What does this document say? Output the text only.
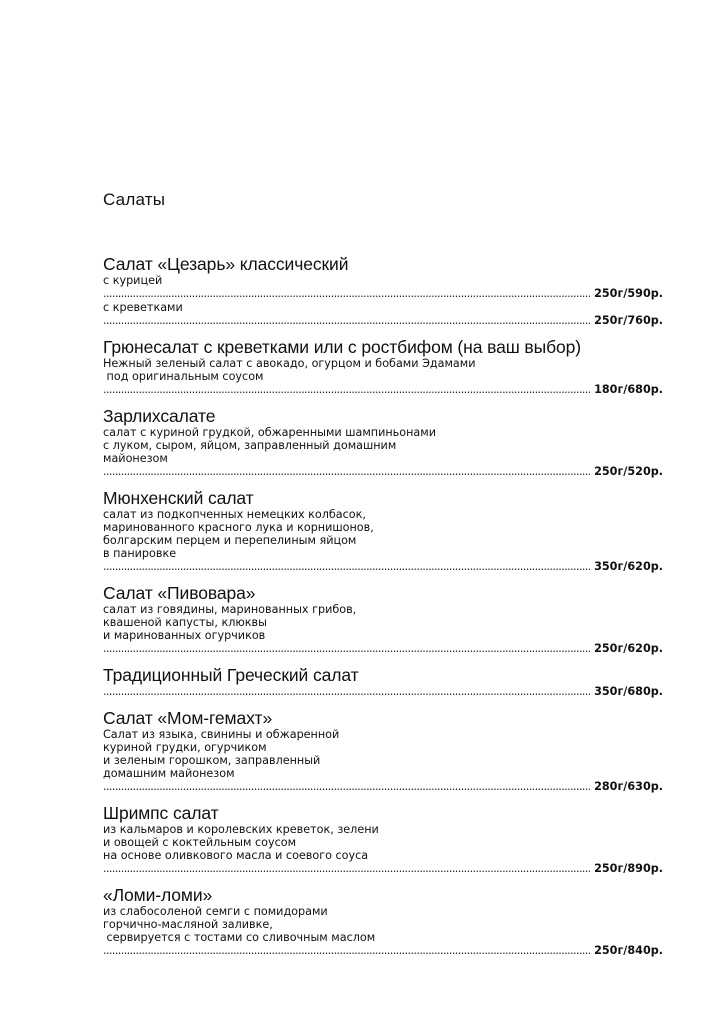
Салаты
Салат «Цезарь» классический
с курицей
.....
250г/590р.
с креветками
.....
250г/760р.
Грюнесалат с креветками или с ростбифом (на ваш выбор)
Нежный зеленый салат с авокадо, огурцом и бобами Эдамами
под оригинальным соусом
.....
180г/680р.
Зарлихсалате
салат с куриной грудкой, обжаренными шампиньонами
с луком, сыром, яйцом, заправленный домашним
майонезом
.....
250г/520р.
Мюнхенский салат
салат из подкопченных немецких колбасок,
маринованного красного лука и корнишонов,
болгарским перцем и перепелиным яйцом
в панировке
.....
350г/620р.
Салат «Пивовара»
салат из говядины, маринованных грибов,
квашеной капусты, клюквы
и маринованных огурчиков
.....
250г/620р.
Традиционный Греческий салат
.....
350г/680р.
Салат «Мом-гемахт»
Салат из языка, свинины и обжаренной
куриной грудки, огурчиком
и зеленым горошком, заправленный
домашним майонезом
.....
280г/630р.
Шримпс салат
из кальмаров и королевских креветок, зелени
и овощей с коктейльным соусом
на основе оливкового масла и соевого соуса
.....
250г/890р.
«Ломи-ломи»
из слабосоленой семги с помидорами
горчично-масляной заливке,
сервируется с тостами со сливочным маслом
.....
250г/840р.
